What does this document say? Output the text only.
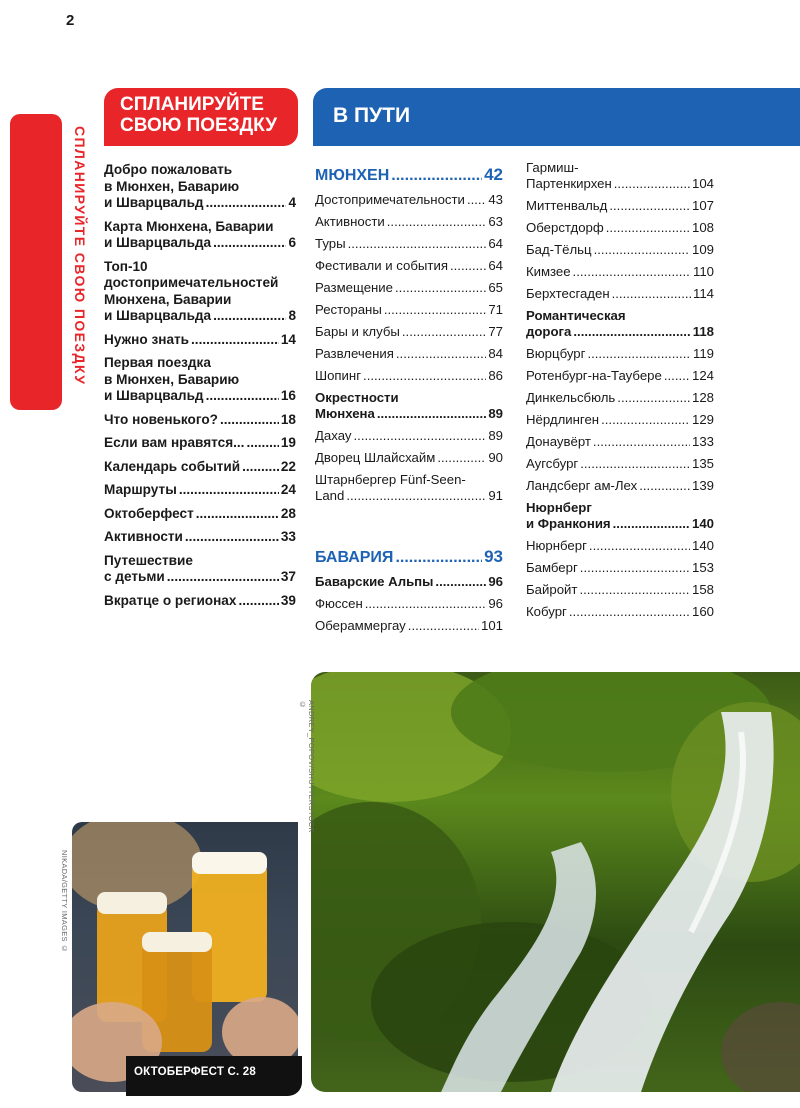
2
СПЛАНИРУЙТЕ СВОЮ ПОЕЗДКУ
СПЛАНИРУЙТЕ
СВОЮ ПОЕЗДКУ	В ПУТИ
Добро пожаловать
в Мюнхен, Баварию
и Шварцвальд .....	4
Карта Мюнхена, Баварии
и Шварцвальда .....	6
Топ-10
достопримечательностей
Мюнхена, Баварии
и Шварцвальда .....	8
Нужно знать .....	14
Первая поездка
в Мюнхен, Баварию
и Шварцвальд .....	16
Что новенького? .....	18
Если вам нравятся... .....	19
Календарь событий .....	22
Маршруты .....	24
Октоберфест .....	28
Активности .....	33
Путешествие
с детьми .....	37
Вкратце о регионах .....	39
МЮНХЕН .....	42
Достопримечательности ..... 43
Активности .....	63
Туры .....	64
Фестивали и события .....	64
Размещение .....	65
Рестораны .....	71
Бары и клубы .....	77
Развлечения .....	84
Шопинг .....	86
Окрестности
Мюнхена .....	89
Дахау .....	89
Дворец Шлайсхайм .....	90
Штарнбергер Fünf-Seen-
Land .....	91
БАВАРИЯ .....	93
Баварские Альпы .....	96
Фюссен .....	96
Обераммергау .....	101
Гармиш-
Партенкирхен .....	104
Миттенвальд .....	107
Оберстдорф .....	108
Бад-Тёльц .....	109
Кимзее .....	110
Берхтесгаден .....	114
Романтическая
дорога .....	118
Вюрцбург .....	119
Ротенбург-на-Таубере ..... 124
Динкельсбюль .....	128
Нёрдлинген .....	129
Донаувёрт .....	133
Аугсбург .....	135
Ландсберг ам-Лех .....	139
Нюрнберг
и Франкония .....	140
Нюрнберг .....	140
Бамберг .....	153
Байройт .....	158
Кобург .....	160
ОКТОБЕРФЕСТ С. 28
ANDREY_POPOV/SHUTTERSTOCK ©
NIKADA/GETTY IMAGES ©
